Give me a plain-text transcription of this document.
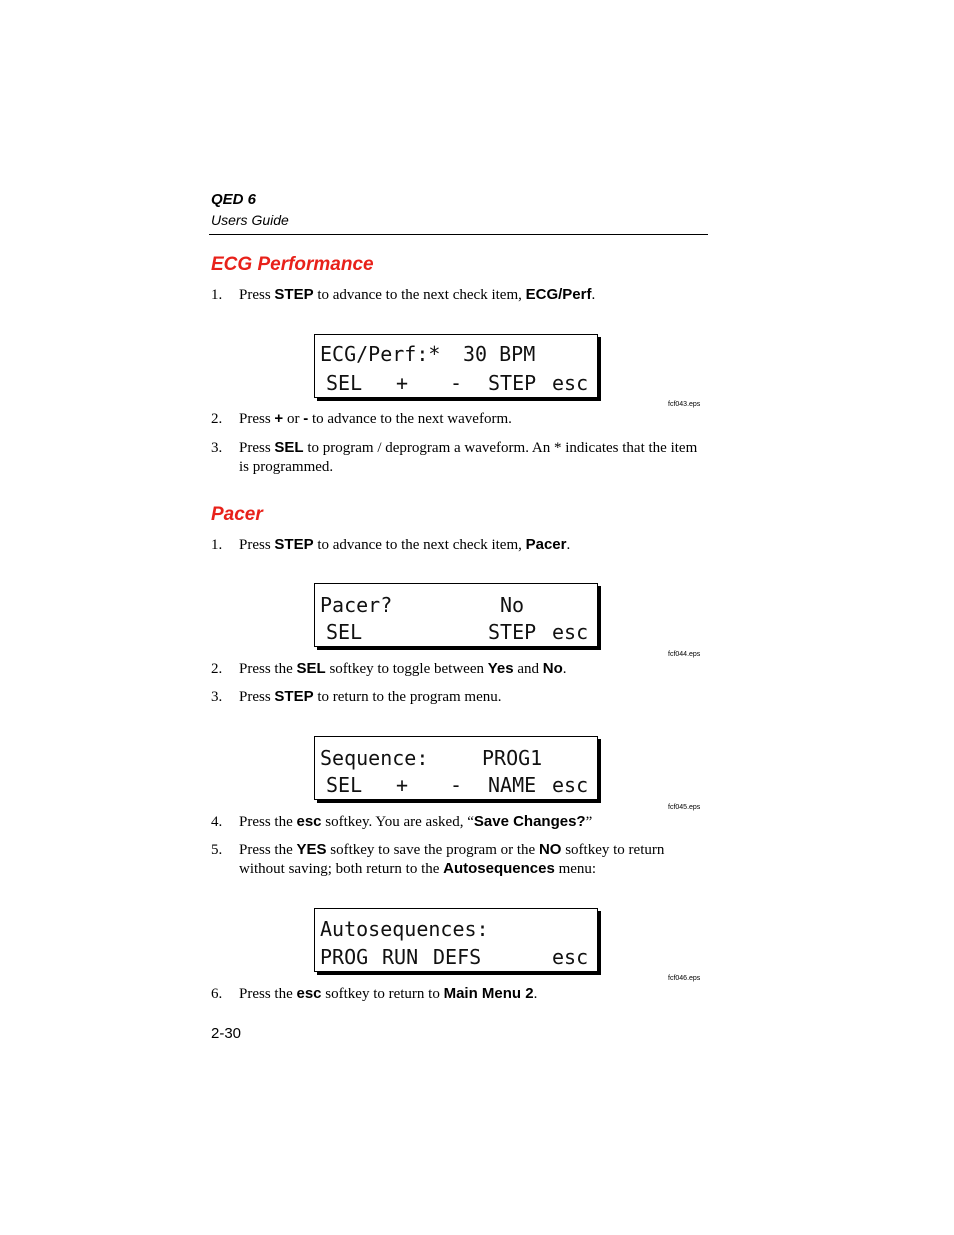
QED 6
Users Guide
ECG Performance
1. Press STEP to advance to the next check item, ECG/Perf.

ECG/Perf:*

30 BPM

SEL

+

-

STEP

esc

fcf043.eps
2. Press + or - to advance to the next waveform.
3. Press SEL to program / deprogram a waveform. An * indicates that the item is programmed.
Pacer
1. Press STEP to advance to the next check item, Pacer.

Pacer?

	No

SEL

	STEP

esc

fcf044.eps
2. Press the SEL softkey to toggle between Yes and No.
3. Press STEP to return to the program menu.

Sequence:

	PROG1

SEL

+

-

NAME

esc

fcf045.eps
4. Press the esc softkey. You are asked, “Save Changes?”
5. Press the YES softkey to save the program or the NO softkey to return without saving; both return to the Autosequences menu:

Autosequences:

PROG

RUN

DEFS

	esc

fcf046.eps
6. Press the esc softkey to return to Main Menu 2.
2-30
